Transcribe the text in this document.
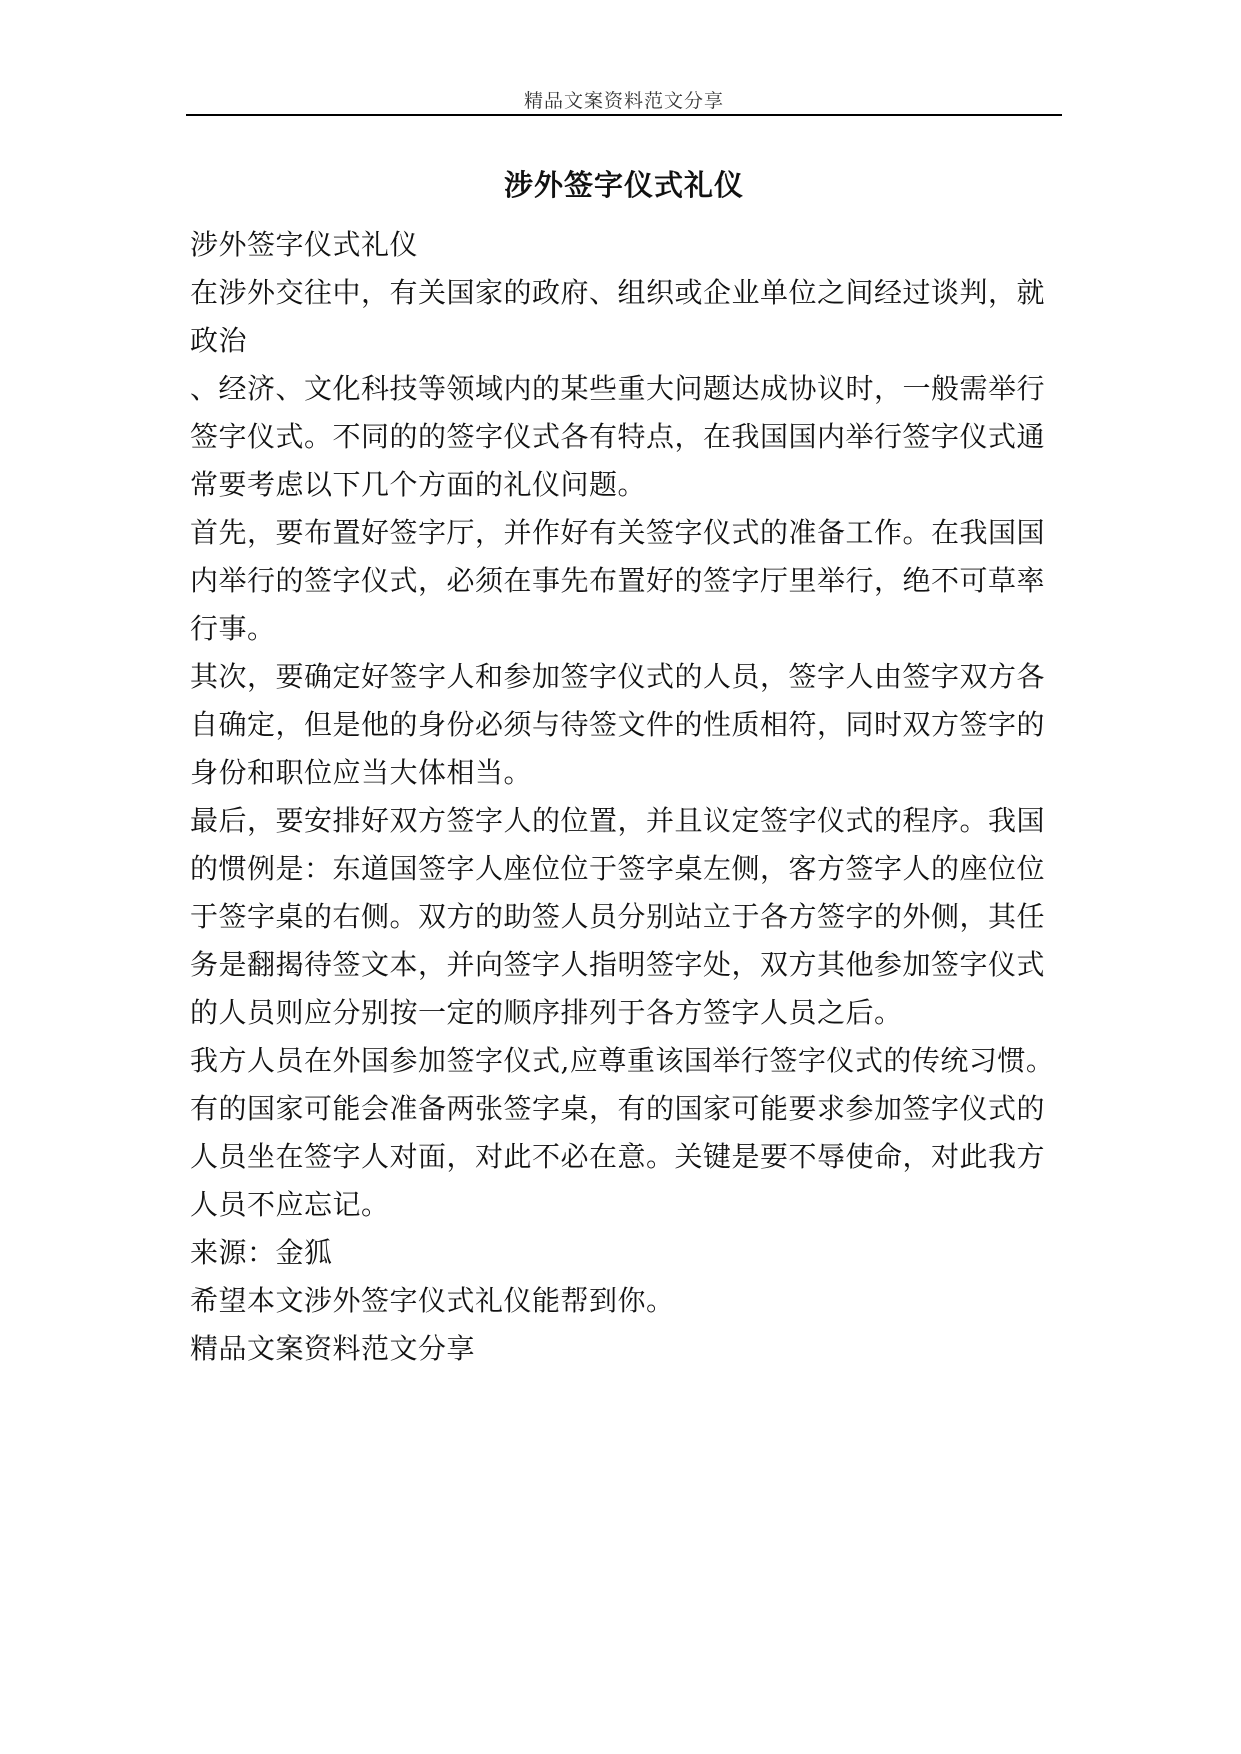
精品文案资料范文分享
涉外签字仪式礼仪
涉外签字仪式礼仪
在涉外交往中，有关国家的政府、组织或企业单位之间经过谈判，就
政治
、经济、文化科技等领域内的某些重大问题达成协议时，一般需举行
签字仪式。不同的的签字仪式各有特点，在我国国内举行签字仪式通
常要考虑以下几个方面的礼仪问题。
首先，要布置好签字厅，并作好有关签字仪式的准备工作。在我国国
内举行的签字仪式，必须在事先布置好的签字厅里举行，绝不可草率
行事。
其次，要确定好签字人和参加签字仪式的人员，签字人由签字双方各
自确定，但是他的身份必须与待签文件的性质相符，同时双方签字的
身份和职位应当大体相当。
最后，要安排好双方签字人的位置，并且议定签字仪式的程序。我国
的惯例是：东道国签字人座位位于签字桌左侧，客方签字人的座位位
于签字桌的右侧。双方的助签人员分别站立于各方签字的外侧，其任
务是翻揭待签文本，并向签字人指明签字处，双方其他参加签字仪式
的人员则应分别按一定的顺序排列于各方签字人员之后。
我方人员在外国参加签字仪式,应尊重该国举行签字仪式的传统习惯。
有的国家可能会准备两张签字桌，有的国家可能要求参加签字仪式的
人员坐在签字人对面，对此不必在意。关键是要不辱使命，对此我方
人员不应忘记。
来源：金狐
希望本文涉外签字仪式礼仪能帮到你。
精品文案资料范文分享
